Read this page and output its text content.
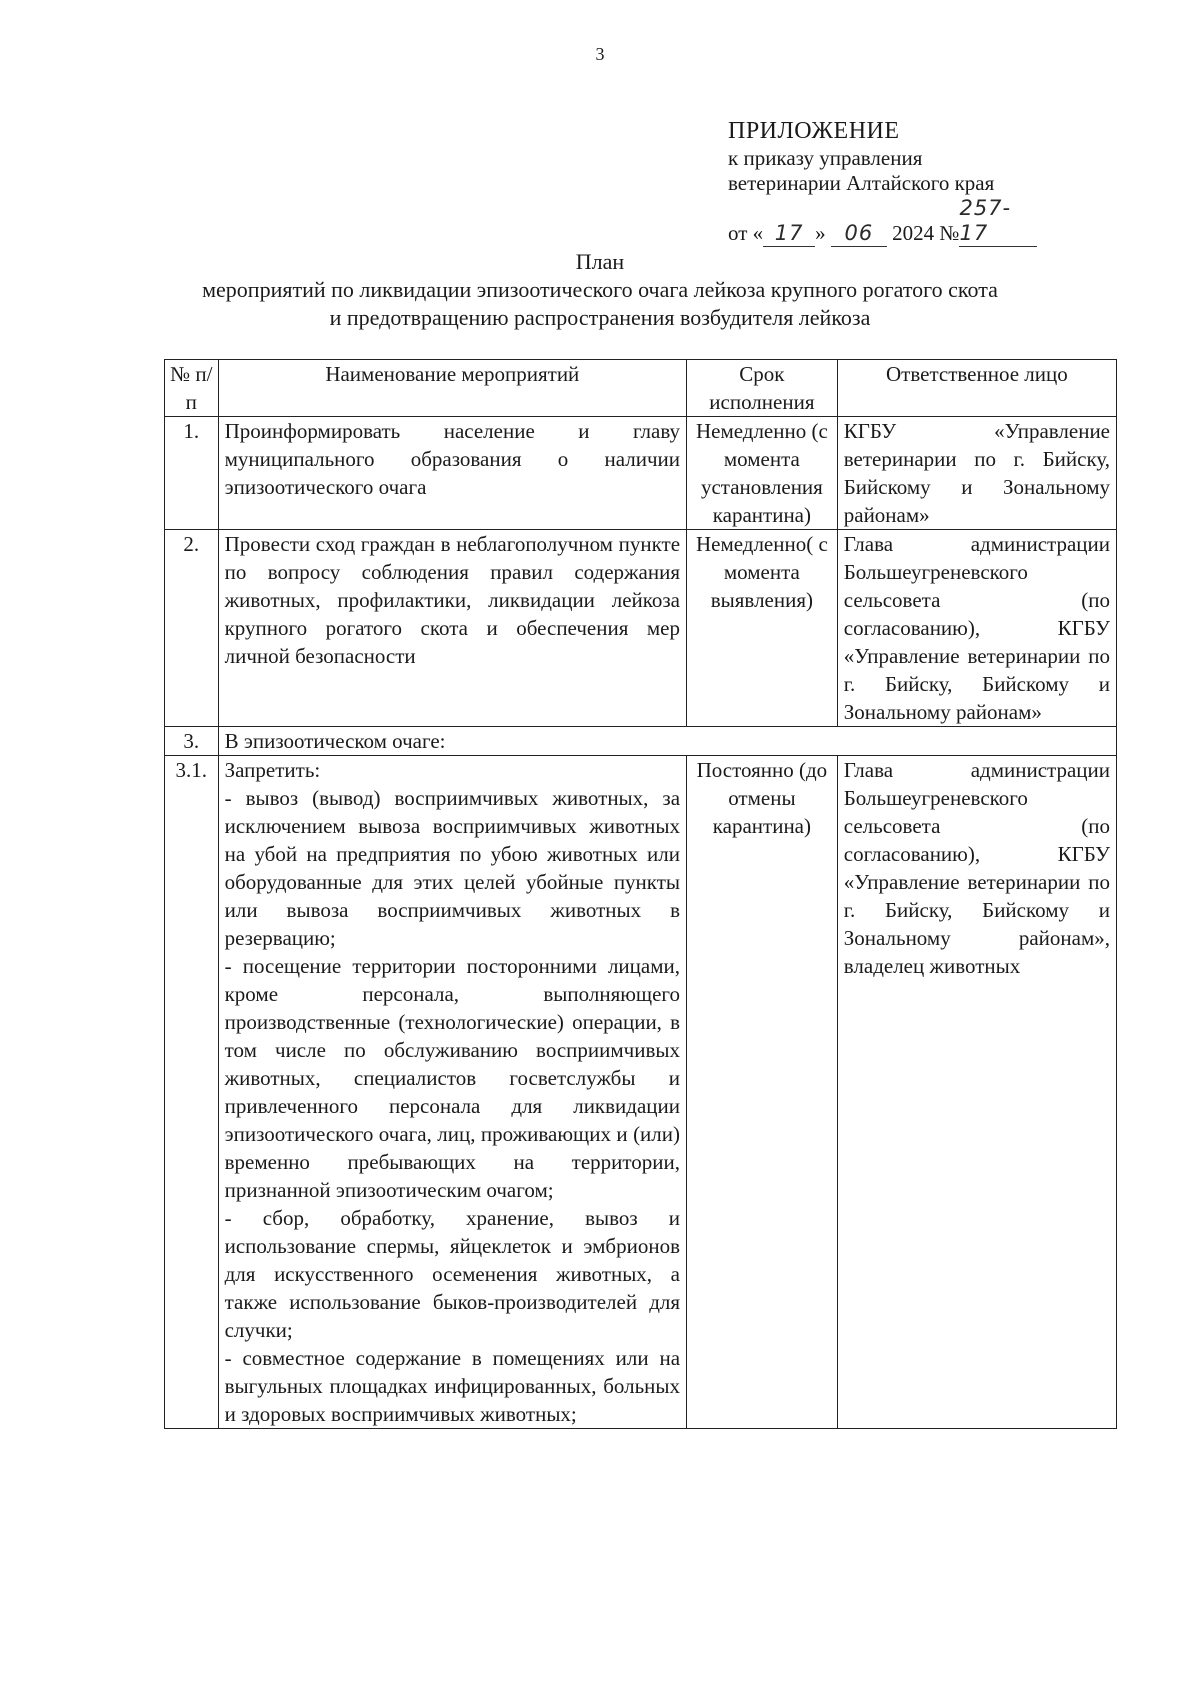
3
ПРИЛОЖЕНИЕ
к приказу управления
ветеринарии Алтайского края
от « 17 » 06 2024 №257-17
План
мероприятий по ликвидации эпизоотического очага лейкоза крупного рогатого скота
и предотвращению распространения возбудителя лейкоза
№ п/п	Наименование мероприятий	Срок исполнения	Ответственное лицо
1.	Проинформировать население и главу муниципального образования о наличии эпизоотического очага	Немедленно (с момента установления карантина)	КГБУ «Управление ветеринарии по г. Бийску, Бийскому и Зональному районам»
2.	Провести сход граждан в неблагополучном пункте по вопросу соблюдения правил содержания животных, профилактики, ликвидации лейкоза крупного рогатого скота и обеспечения мер личной безопасности	Немедленно( с момента выявления)	Глава администрации Большеугреневского сельсовета (по согласованию), КГБУ «Управление ветеринарии по г. Бийску, Бийскому и Зональному районам»
3.	В эпизоотическом очаге:		
3.1.	Запретить:
- вывоз (вывод) восприимчивых животных, за исключением вывоза восприимчивых животных на убой на предприятия по убою животных или оборудованные для этих целей убойные пункты или вывоза восприимчивых животных в резервацию;
- посещение территории посторонними лицами, кроме персонала, выполняющего производственные (технологические) операции, в том числе по обслуживанию восприимчивых животных, специалистов госветслужбы и привлеченного персонала для ликвидации эпизоотического очага, лиц, проживающих и (или) временно пребывающих на территории, признанной эпизоотическим очагом;
- сбор, обработку, хранение, вывоз и использование спермы, яйцеклеток и эмбрионов для искусственного осеменения животных, а также использование быков-производителей для случки;
- совместное содержание в помещениях или на выгульных площадках инфицированных, больных и здоровых восприимчивых животных;	Постоянно (до отмены карантина)	Глава администрации Большеугреневского сельсовета (по согласованию), КГБУ «Управление ветеринарии по г. Бийску, Бийскому и Зональному районам», владелец животных
